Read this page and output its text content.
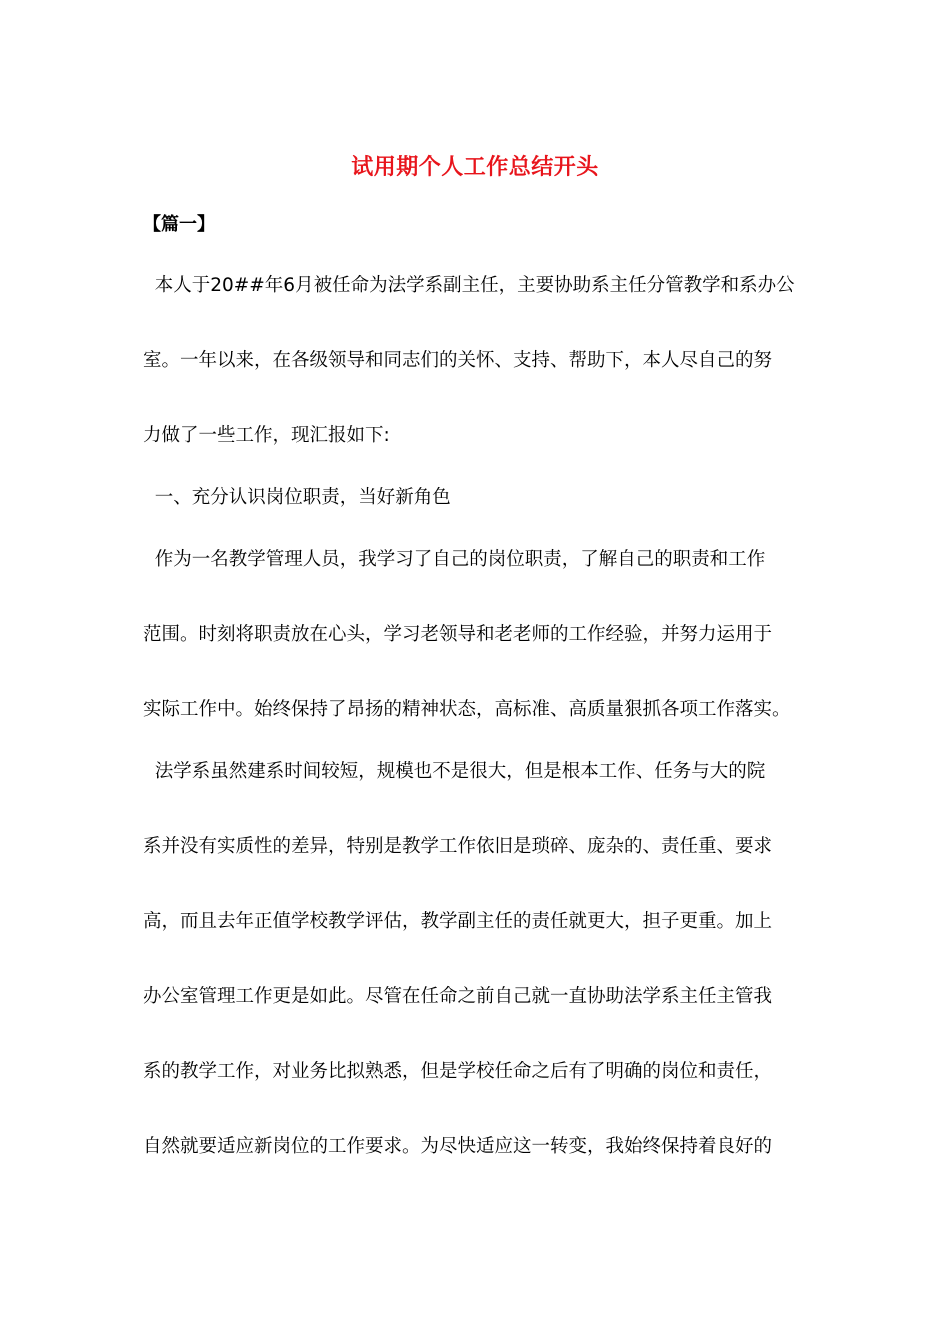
试用期个人工作总结开头
【篇一】
本人于20##年6月被任命为法学系副主任，主要协助系主任分管教学和系办公
室。一年以来，在各级领导和同志们的关怀、支持、帮助下，本人尽自己的努
力做了一些工作，现汇报如下:
一、充分认识岗位职责，当好新角色
作为一名教学管理人员，我学习了自己的岗位职责，了解自己的职责和工作
范围。时刻将职责放在心头，学习老领导和老老师的工作经验，并努力运用于
实际工作中。始终保持了昂扬的精神状态，高标准、高质量狠抓各项工作落实。
法学系虽然建系时间较短，规模也不是很大，但是根本工作、任务与大的院
系并没有实质性的差异，特别是教学工作依旧是琐碎、庞杂的、责任重、要求
高，而且去年正值学校教学评估，教学副主任的责任就更大，担子更重。加上
办公室管理工作更是如此。尽管在任命之前自己就一直协助法学系主任主管我
系的教学工作，对业务比拟熟悉，但是学校任命之后有了明确的岗位和责任，
自然就要适应新岗位的工作要求。为尽快适应这一转变，我始终保持着良好的
